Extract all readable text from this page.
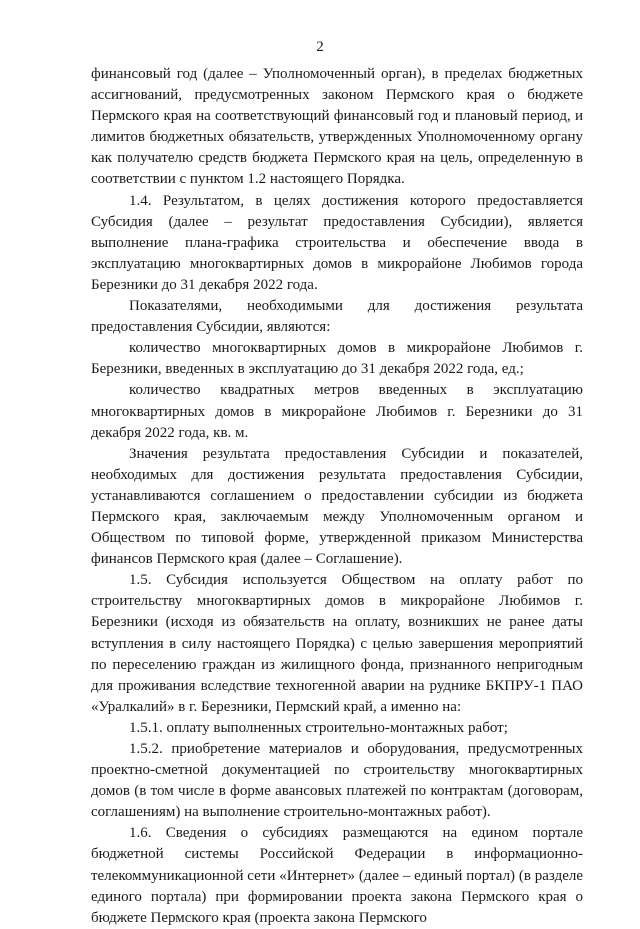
2

финансовый год (далее – Уполномоченный орган), в пределах бюджетных ассигнований, предусмотренных законом Пермского края о бюджете Пермского края на соответствующий финансовый год и плановый период, и лимитов бюджетных обязательств, утвержденных Уполномоченному органу как получателю средств бюджета Пермского края на цель, определенную в соответствии с пунктом 1.2 настоящего Порядка.

1.4. Результатом, в целях достижения которого предоставляется Субсидия (далее – результат предоставления Субсидии), является выполнение плана-графика строительства и обеспечение ввода в эксплуатацию многоквартирных домов в микрорайоне Любимов города Березники до 31 декабря 2022 года.

Показателями, необходимыми для достижения результата предоставления Субсидии, являются:

количество многоквартирных домов в микрорайоне Любимов г. Березники, введенных в эксплуатацию до 31 декабря 2022 года, ед.;

количество квадратных метров введенных в эксплуатацию многоквартирных домов в микрорайоне Любимов г. Березники до 31 декабря 2022 года, кв. м.

Значения результата предоставления Субсидии и показателей, необходимых для достижения результата предоставления Субсидии, устанавливаются соглашением о предоставлении субсидии из бюджета Пермского края, заключаемым между Уполномоченным органом и Обществом по типовой форме, утвержденной приказом Министерства финансов Пермского края (далее – Соглашение).

1.5. Субсидия используется Обществом на оплату работ по строительству многоквартирных домов в микрорайоне Любимов г. Березники (исходя из обязательств на оплату, возникших не ранее даты вступления в силу настоящего Порядка) с целью завершения мероприятий по переселению граждан из жилищного фонда, признанного непригодным для проживания вследствие техногенной аварии на руднике БКПРУ-1 ПАО «Уралкалий» в г. Березники, Пермский край, а именно на:

1.5.1. оплату выполненных строительно-монтажных работ;

1.5.2. приобретение материалов и оборудования, предусмотренных проектно-сметной документацией по строительству многоквартирных домов (в том числе в форме авансовых платежей по контрактам (договорам, соглашениям) на выполнение строительно-монтажных работ).

1.6. Сведения о субсидиях размещаются на едином портале бюджетной системы Российской Федерации в информационно-телекоммуникационной сети «Интернет» (далее – единый портал) (в разделе единого портала) при формировании проекта закона Пермского края о бюджете Пермского края (проекта закона Пермского
